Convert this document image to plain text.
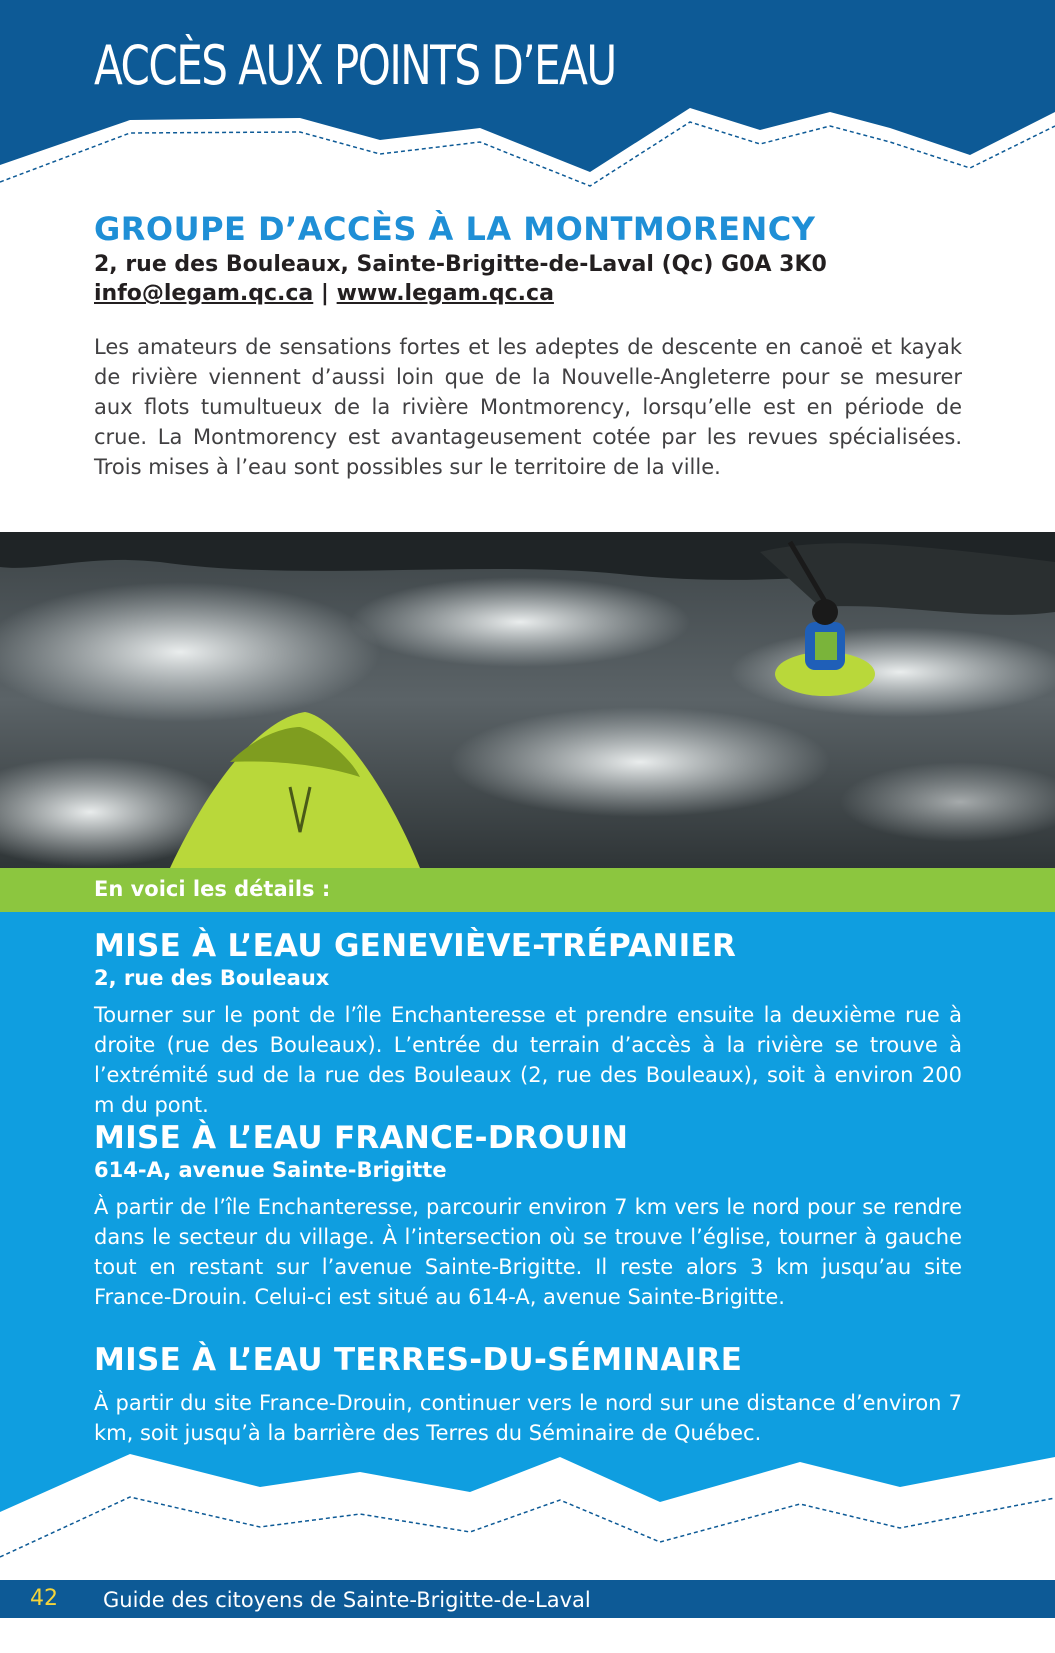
ACCÈS AUX POINTS D’EAU
GROUPE D’ACCÈS À LA MONTMORENCY

2, rue des Bouleaux, Sainte-Brigitte-de-Laval (Qc) G0A 3K0

info@legam.qc.ca | www.legam.qc.ca

Les amateurs de sensations fortes et les adeptes de descente en canoë et kayak de rivière viennent d’aussi loin que de la Nouvelle-Angleterre pour se mesurer aux flots tumultueux de la rivière Montmorency, lorsqu’elle est en période de crue. La Montmorency est avantageusement cotée par les revues spécialisées. Trois mises à l’eau sont possibles sur le territoire de la ville.

En voici les détails :
MISE À L’EAU GENEVIÈVE-TRÉPANIER
2, rue des Bouleaux

Tourner sur le pont de l’île Enchanteresse et prendre ensuite la deuxième rue à droite (rue des Bouleaux). L’entrée du terrain d’accès à la rivière se trouve à l’extrémité sud de la rue des Bouleaux (2, rue des Bouleaux), soit à environ 200 m du pont.

MISE À L’EAU FRANCE-DROUIN
614-A, avenue Sainte-Brigitte

À partir de l’île Enchanteresse, parcourir environ 7 km vers le nord pour se rendre dans le secteur du village. À l’intersection où se trouve l’église, tourner à gauche tout en restant sur l’avenue Sainte-Brigitte. Il reste alors 3 km jusqu’au site France-Drouin. Celui-ci est situé au 614-A, avenue Sainte-Brigitte.

MISE À L’EAU TERRES-DU-SÉMINAIRE

À partir du site France-Drouin, continuer vers le nord sur une distance d’environ 7 km, soit jusqu’à la barrière des Terres du Séminaire de Québec.

42 Guide des citoyens de Sainte-Brigitte-de-Laval
